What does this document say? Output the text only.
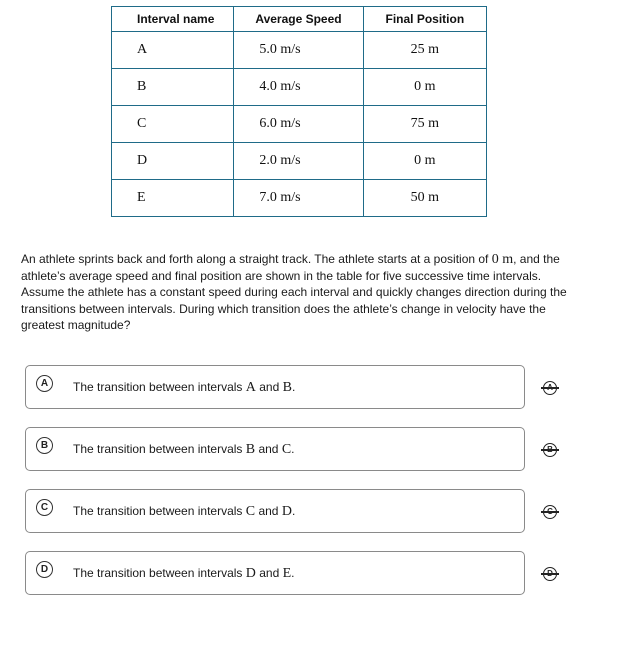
Interval name	Average Speed	Final Position
A	5.0 m/s	25 m
B	4.0 m/s	0 m
C	6.0 m/s	75 m
D	2.0 m/s	0 m
E	7.0 m/s	50 m
An athlete sprints back and forth along a straight track. The athlete starts at a position of 0 m, and the athlete’s average speed and final position are shown in the table for five successive time intervals. Assume the athlete has a constant speed during each interval and quickly changes direction during the transitions between intervals. During which transition does the athlete’s change in velocity have the greatest magnitude?
A	The transition between intervals A and B.
B	The transition between intervals B and C.
C	The transition between intervals C and D.
D	The transition between intervals D and E.
